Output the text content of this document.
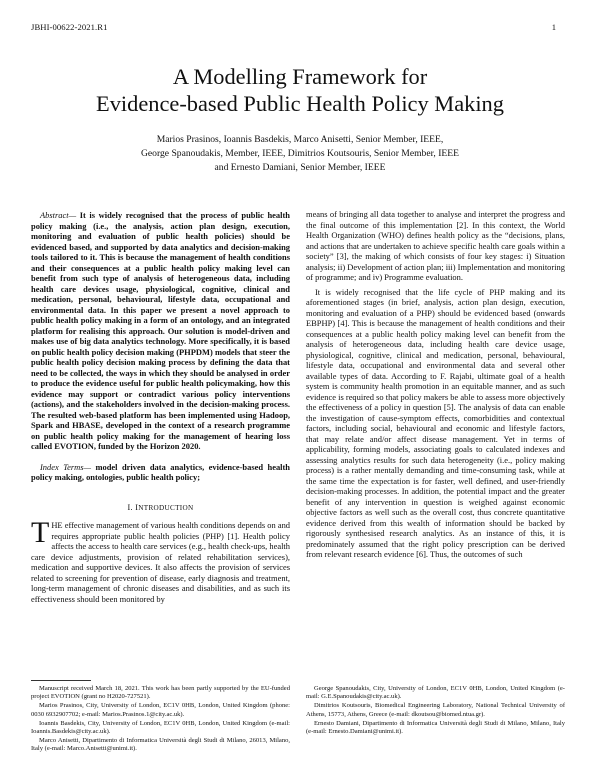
JBHI-00622-2021.R1	1
A Modelling Framework for
Evidence-based Public Health Policy Making
Marios Prasinos, Ioannis Basdekis, Marco Anisetti, Senior Member, IEEE,
George Spanoudakis, Member, IEEE, Dimitrios Koutsouris, Senior Member, IEEE
and Ernesto Damiani, Senior Member, IEEE

Abstract— It is widely recognised that the process of public health policy making (i.e., the analysis, action plan design, execution, monitoring and evaluation of public health policies) should be evidenced based, and supported by data analytics and decision-making tools tailored to it. This is because the management of health conditions and their consequences at a public health policy making level can benefit from such type of analysis of heterogeneous data, including health care devices usage, physiological, cognitive, clinical and medication, personal, behavioural, lifestyle data, occupational and environmental data. In this paper we present a novel approach to public health policy making in a form of an ontology, and an integrated platform for realising this approach. Our solution is model-driven and makes use of big data analytics technology. More specifically, it is based on public health policy decision making (PHPDM) models that steer the public health policy decision making process by defining the data that need to be collected, the ways in which they should be analysed in order to produce the evidence useful for public health policymaking, how this evidence may support or contradict various policy interventions (actions), and the stakeholders involved in the decision-making process. The resulted web-based platform has been implemented using Hadoop, Spark and HBASE, developed in the context of a research programme on public health policy making for the management of hearing loss called EVOTION, funded by the Horizon 2020.

Index Terms— model driven data analytics, evidence-based health policy making, ontologies, public health policy;

I. INTRODUCTION

THE effective management of various health conditions depends on and requires appropriate public health policies (PHP) [1]. Health policy affects the access to health care services (e.g., health check-ups, health care device adjustments, provision of related rehabilitation services), medication and supportive devices. It also affects the provision of services related to screening for prevention of disease, early diagnosis and treatment, long-term management of chronic diseases and disabilities, and as such its effectiveness should been monitored by

means of bringing all data together to analyse and interpret the progress and the final outcome of this implementation [2]. In this context, the World Health Organization (WHO) defines health policy as the “decisions, plans, and actions that are undertaken to achieve specific health care goals within a society” [3], the making of which consists of four key stages: i) Situation analysis; ii) Development of action plan; iii) Implementation and monitoring of programme; and iv) Programme evaluation.

It is widely recognised that the life cycle of PHP making and its aforementioned stages (in brief, analysis, action plan design, execution, monitoring and evaluation of a PHP) should be evidenced based (onwards EBPHP) [4]. This is because the management of health conditions and their consequences at a public health policy making level can benefit from the analysis of heterogeneous data, including health care device usage, physiological, cognitive, clinical and medication, personal, behavioural, lifestyle data, occupational and environmental data and several other available types of data. According to F. Rajabi, ultimate goal of a health system is community health promotion in an equitable manner, and as such evidence is required so that policy makers be able to assess more objectively the effectiveness of a policy in question [5]. The analysis of data can enable the investigation of cause-symptom effects, comorbidities and contextual factors, including social, behavioural and economic and lifestyle factors, that may relate and/or affect disease management. Yet in terms of applicability, forming models, associating goals to calculated indexes and assessing analytics results for such data heterogeneity (i.e., policy making process) is a rather mentally demanding and time-consuming task, while at the same time the expectation is for faster, well defined, and user-friendly decision-making processes. In addition, the potential impact and the greater benefit of any intervention in question is weighed against economic objective factors as well such as the overall cost, thus concrete quantitative evidence derived from this wealth of information should be backed by rigorously synthesised research analytics. As an instance of this, it is predominately assumed that the right policy prescription can be derived from relevant research evidence [6]. Thus, the outcomes of such

Manuscript received March 18, 2021. This work has been partly supported by the EU-funded project EVOTION (grant no H2020-727521).

Marios Prasinos, City, University of London, EC1V 0HB, London, United Kingdom (phone: 0030 6932907702; e-mail: Marios.Prasinos.1@city.ac.uk).

Ioannis Basdekis, City, University of London, EC1V 0HB, London, United Kingdom (e-mail: Ioannis.Basdekis@city.ac.uk).

Marco Anisetti, Dipartimento di Informatica Università degli Studi di Milano, 26013, Milano, Italy (e-mail: Marco.Anisetti@unimi.it).

George Spanoudakis, City, University of London, EC1V 0HB, London, United Kingdom (e-mail: G.E.Spanoudakis@city.ac.uk).

Dimitrios Koutsouris, Biomedical Engineering Laboratory, National Technical University of Athens, 15773, Athens, Greece (e-mail: dkoutsou@biomed.ntua.gr).

Ernesto Damiani, Dipartimento di Informatica Università degli Studi di Milano, Milano, Italy (e-mail: Ernesto.Damiani@unimi.it).
